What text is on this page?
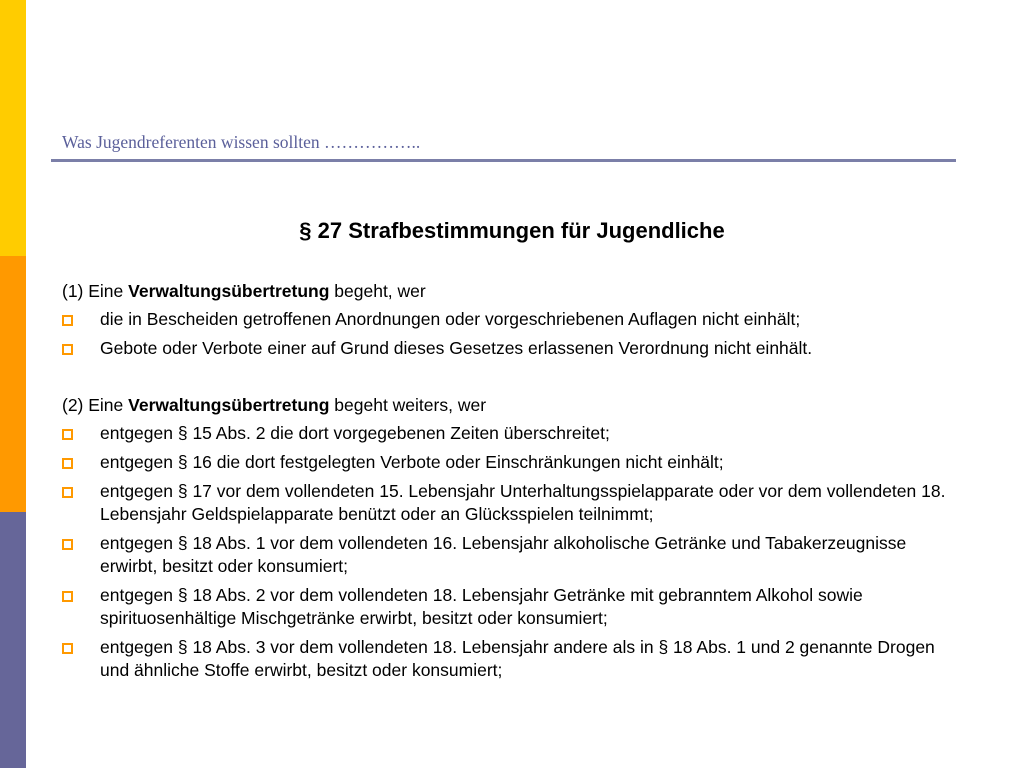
Was Jugendreferenten wissen sollten ……………..
§ 27 Strafbestimmungen für Jugendliche

(1) Eine Verwaltungsübertretung begeht, wer

die in Bescheiden getroffenen Anordnungen oder vorgeschriebenen Auflagen nicht einhält;
Gebote oder Verbote einer auf Grund dieses Gesetzes erlassenen Verordnung nicht einhält.

(2) Eine Verwaltungsübertretung begeht weiters, wer

entgegen § 15 Abs. 2 die dort vorgegebenen Zeiten überschreitet;
entgegen § 16 die dort festgelegten Verbote oder Einschränkungen nicht einhält;
entgegen § 17 vor dem vollendeten 15. Lebensjahr Unterhaltungsspielapparate oder vor dem vollendeten 18. Lebensjahr Geldspielapparate benützt oder an Glücksspielen teilnimmt;
entgegen § 18 Abs. 1 vor dem vollendeten 16. Lebensjahr alkoholische Getränke und Tabakerzeugnisse erwirbt, besitzt oder konsumiert;
entgegen § 18 Abs. 2 vor dem vollendeten 18. Lebensjahr Getränke mit gebranntem Alkohol sowie spirituosenhältige Mischgetränke erwirbt, besitzt oder konsumiert;
entgegen § 18 Abs. 3 vor dem vollendeten 18. Lebensjahr andere als in § 18 Abs. 1 und 2 genannte Drogen und ähnliche Stoffe erwirbt, besitzt oder konsumiert;
